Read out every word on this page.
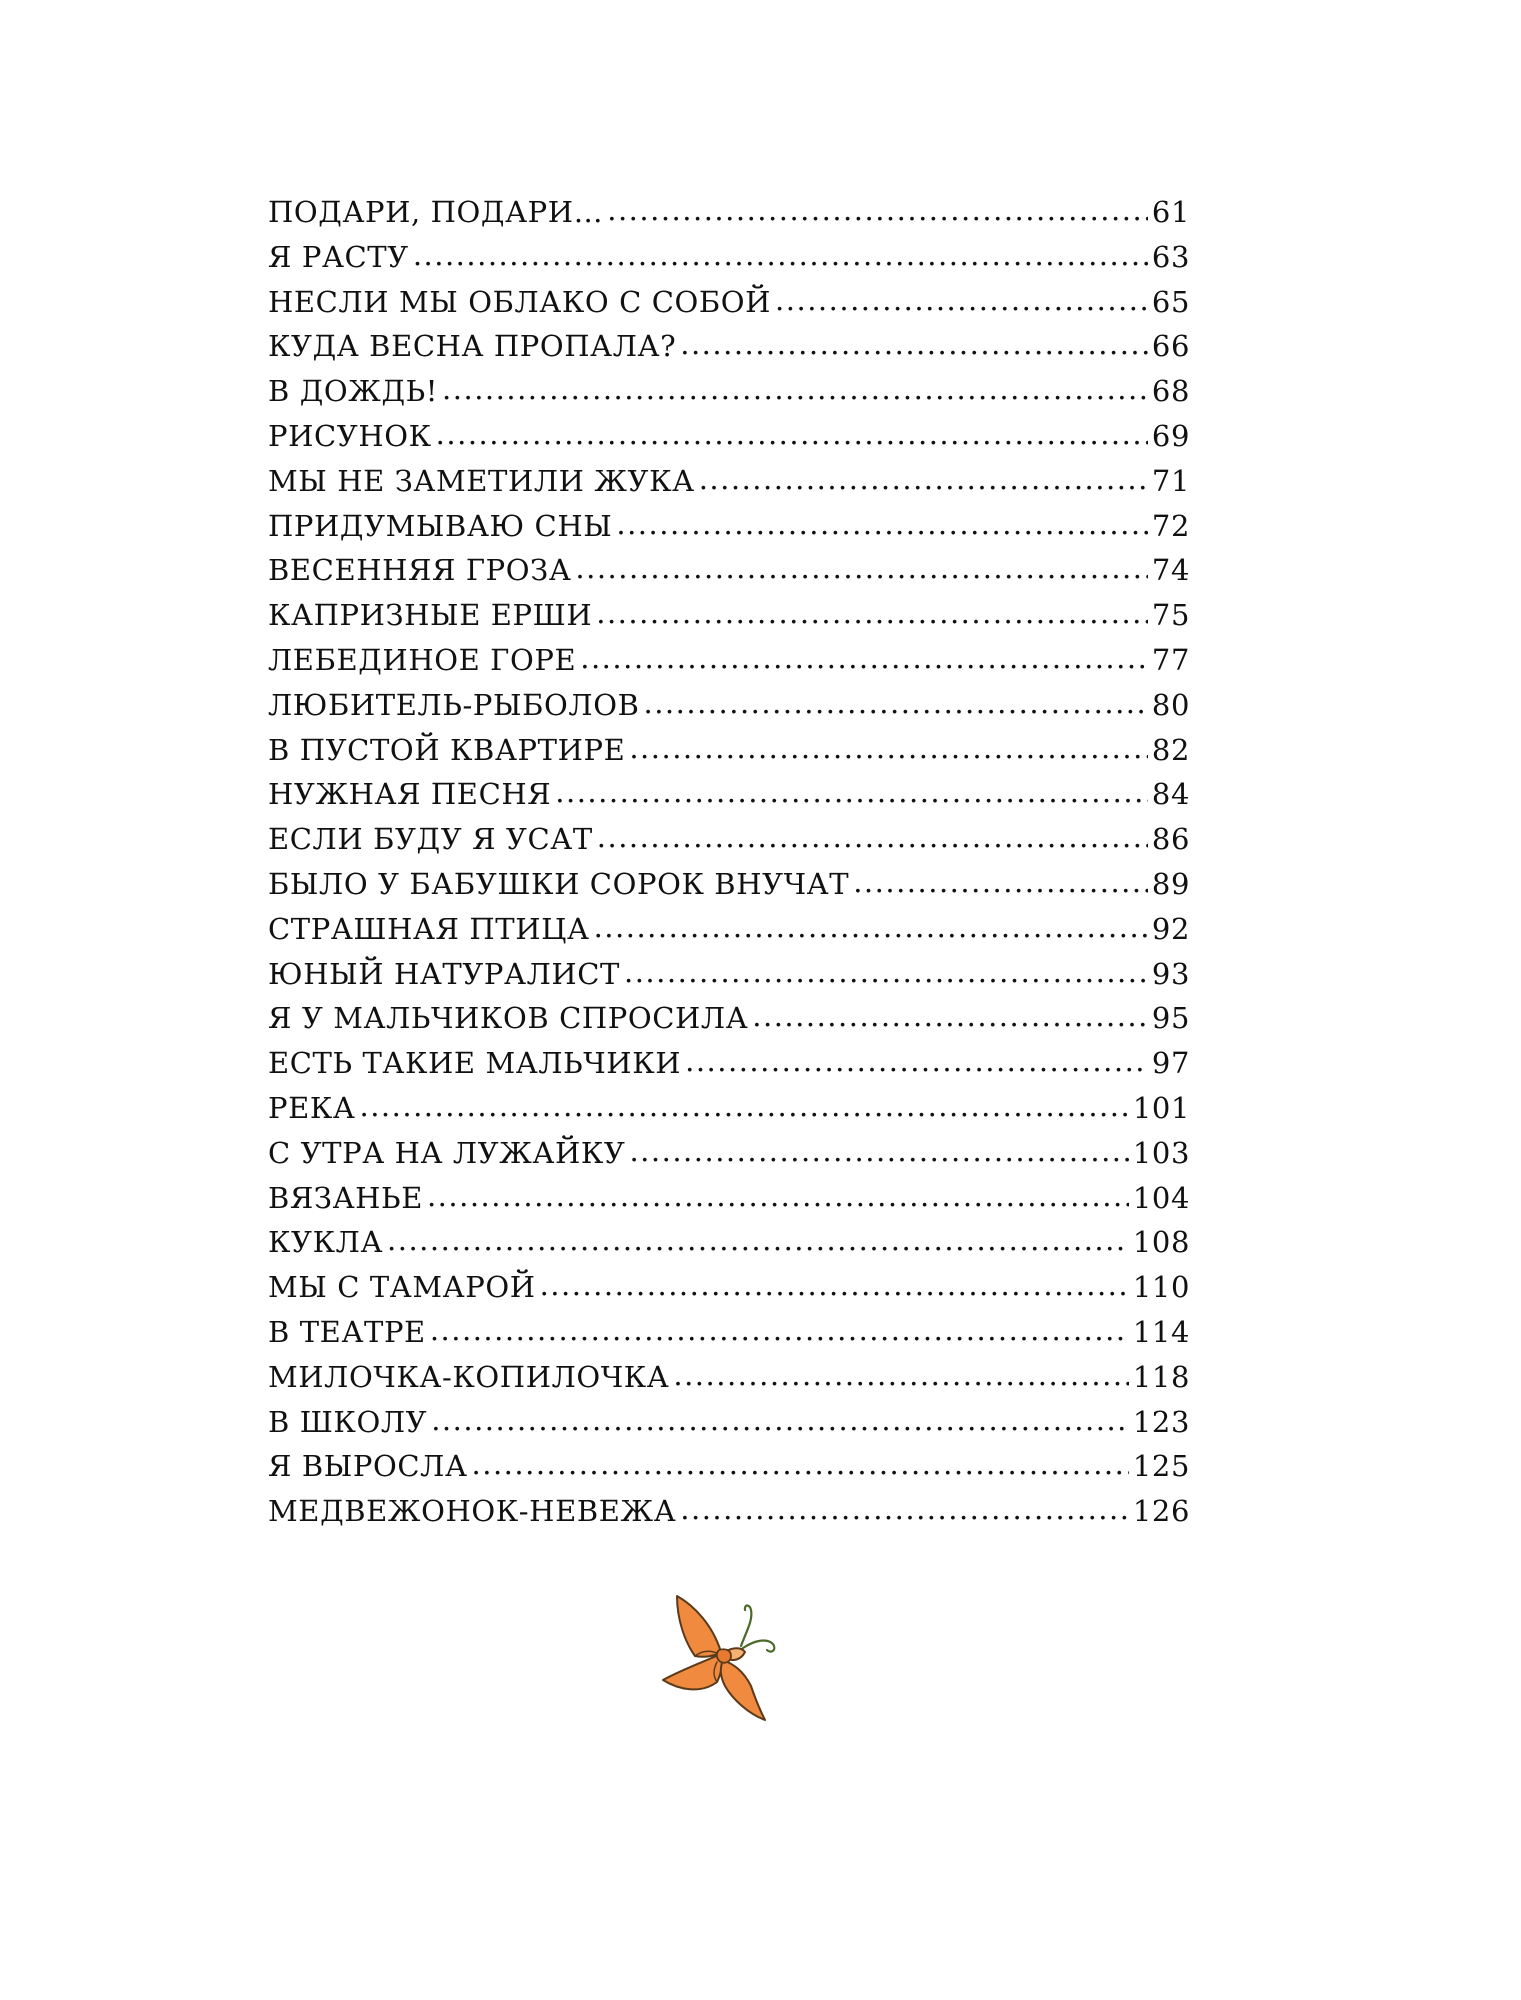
ПОДАРИ, ПОДАРИ… .....	61
Я РАСТУ .....	63
НЕСЛИ МЫ ОБЛАКО С СОБОЙ .....	65
КУДА ВЕСНА ПРОПАЛА? .....	66
В ДОЖДЬ! .....	68
РИСУНОК .....	69
МЫ НЕ ЗАМЕТИЛИ ЖУКА .....	71
ПРИДУМЫВАЮ СНЫ .....	72
ВЕСЕННЯЯ ГРОЗА .....	74
КАПРИЗНЫЕ ЕРШИ .....	75
ЛЕБЕДИНОЕ ГОРЕ .....	77
ЛЮБИТЕЛЬ-РЫБОЛОВ .....	80
В ПУСТОЙ КВАРТИРЕ .....	82
НУЖНАЯ ПЕСНЯ .....	84
ЕСЛИ БУДУ Я УСАТ .....	86
БЫЛО У БАБУШКИ СОРОК ВНУЧАТ .....	89
СТРАШНАЯ ПТИЦА .....	92
ЮНЫЙ НАТУРАЛИСТ .....	93
Я У МАЛЬЧИКОВ СПРОСИЛА .....	95
ЕСТЬ ТАКИЕ МАЛЬЧИКИ .....	97
РЕКА .....	101
С УТРА НА ЛУЖАЙКУ .....	103
ВЯЗАНЬЕ .....	104
КУКЛА .....	108
МЫ С ТАМАРОЙ .....	110
В ТЕАТРЕ .....	114
МИЛОЧКА-КОПИЛОЧКА .....	118
В ШКОЛУ .....	123
Я ВЫРОСЛА .....	125
МЕДВЕЖОНОК-НЕВЕЖА .....	126
